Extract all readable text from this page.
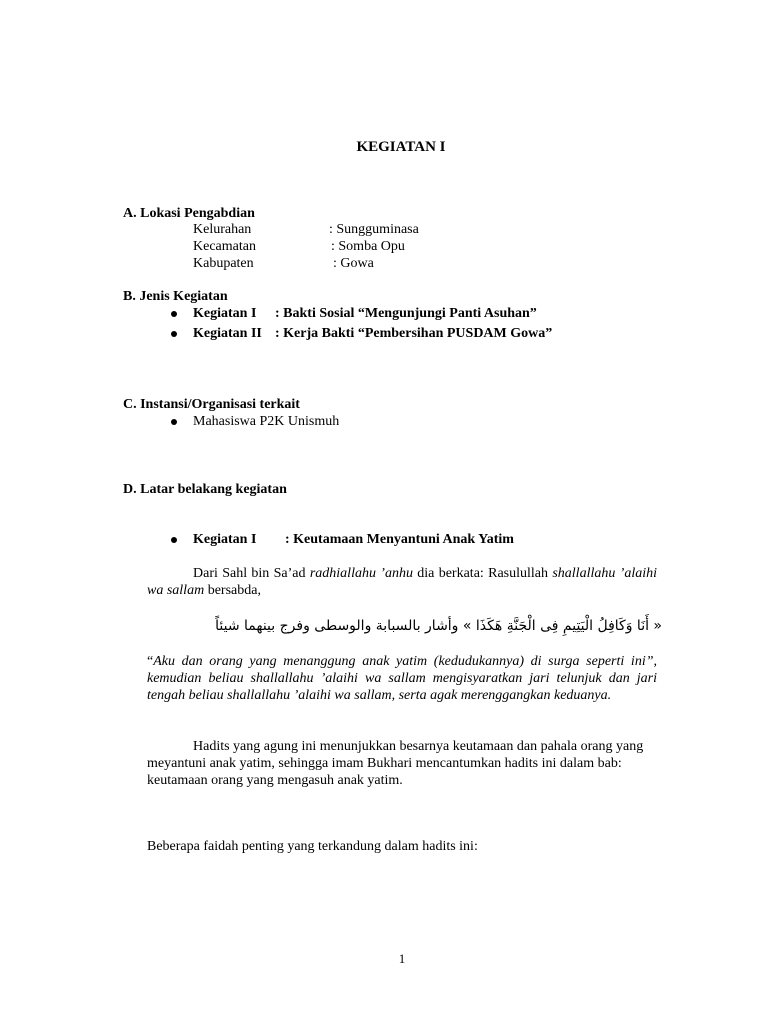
KEGIATAN I
A. Lokasi Pengabdian
Kelurahan	: Sungguminasa
Kecamatan	: Somba Opu
Kabupaten	: Gowa
B. Jenis Kegiatan
Kegiatan I : Bakti Sosial “Mengunjungi Panti Asuhan”
Kegiatan II : Kerja Bakti “Pembersihan PUSDAM Gowa”
C. Instansi/Organisasi terkait
Mahasiswa P2K Unismuh
D. Latar belakang kegiatan
Kegiatan I : Keutamaan Menyantuni Anak Yatim
Dari Sahl bin Sa’ad radhiallahu ’anhu dia berkata: Rasulullah shallallahu ’alaihi wa sallam bersabda,
« أَنَا وَكَافِلُ الْيَتِيمِ فِى الْجَنَّةِ هَكَذَا » وأشار بالسبابة والوسطى وفرج بينهما شيئاً
“Aku dan orang yang menanggung anak yatim (kedudukannya) di surga seperti ini”, kemudian beliau shallallahu ’alaihi wa sallam mengisyaratkan jari telunjuk dan jari tengah beliau shallallahu ’alaihi wa sallam, serta agak merenggangkan keduanya.
Hadits yang agung ini menunjukkan besarnya keutamaan dan pahala orang yang meyantuni anak yatim, sehingga imam Bukhari mencantumkan hadits ini dalam bab: keutamaan orang yang mengasuh anak yatim.
Beberapa faidah penting yang terkandung dalam hadits ini:
1
